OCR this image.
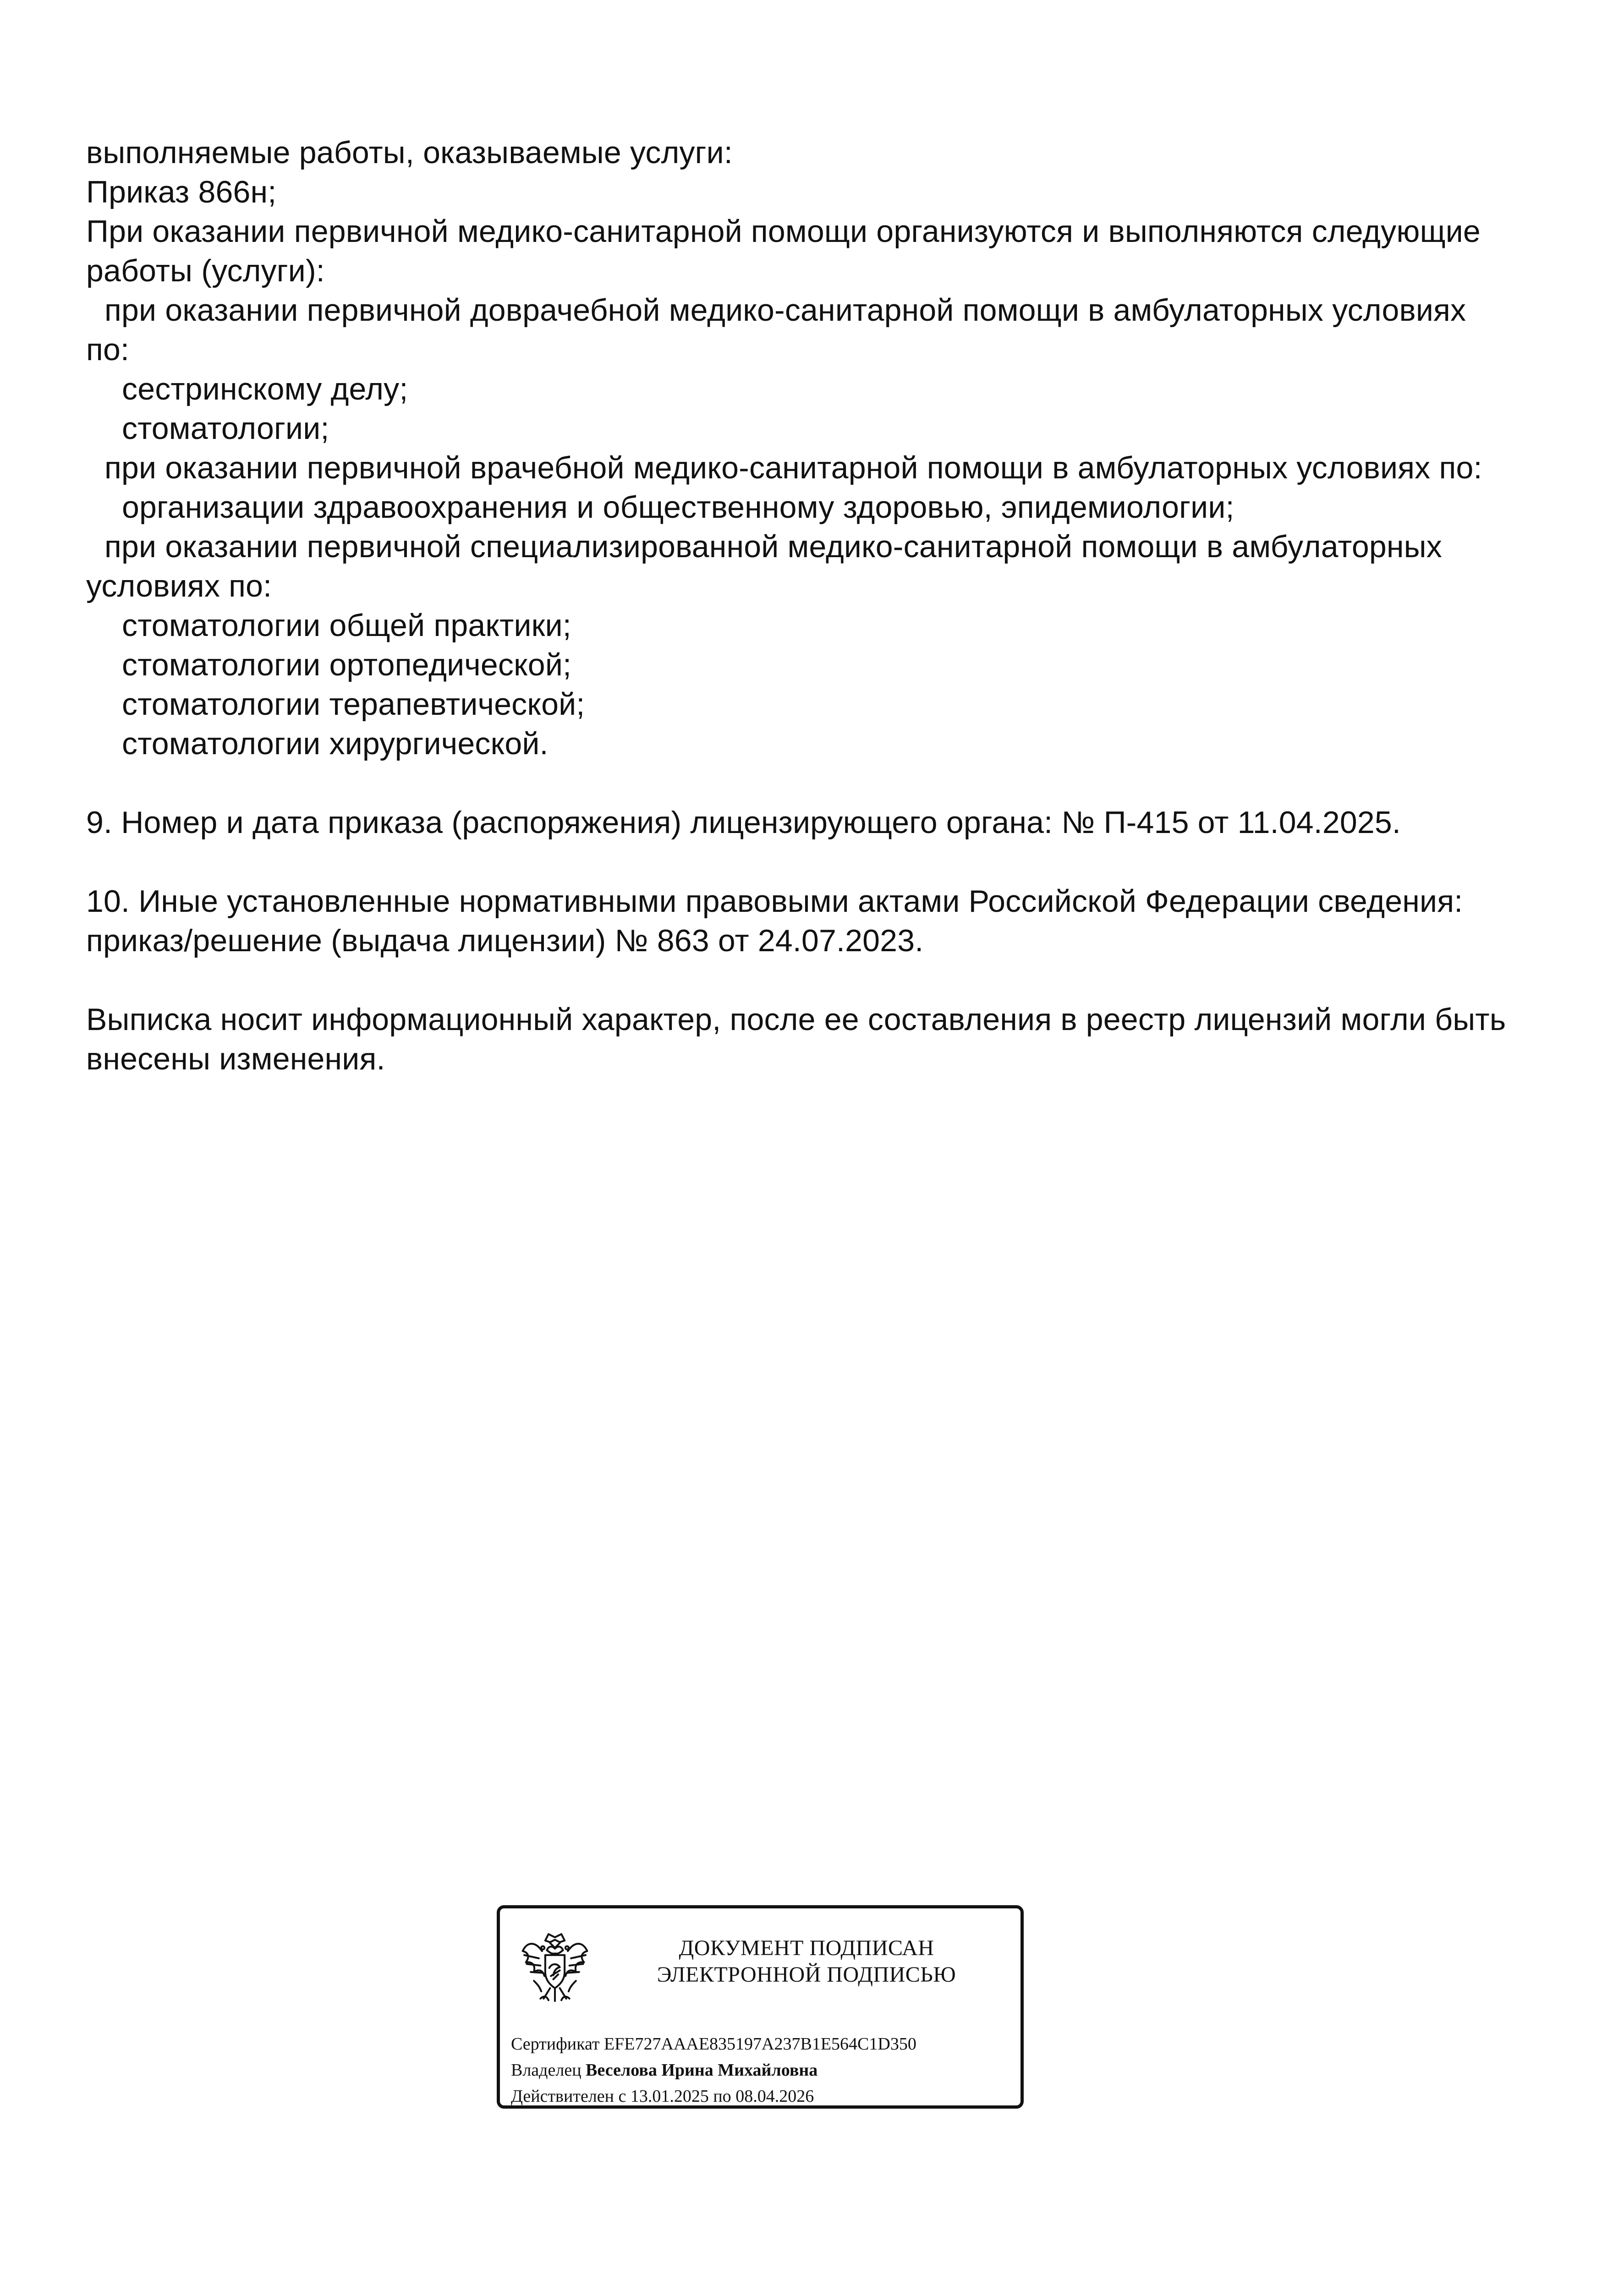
выполняемые работы, оказываемые услуги:
Приказ 866н;
При оказании первичной медико-санитарной помощи организуются и выполняются следующие
работы (услуги):
при оказании первичной доврачебной медико-санитарной помощи в амбулаторных условиях
по:
сестринскому делу;
стоматологии;
при оказании первичной врачебной медико-санитарной помощи в амбулаторных условиях по:
организации здравоохранения и общественному здоровью, эпидемиологии;
при оказании первичной специализированной медико-санитарной помощи в амбулаторных
условиях по:
стоматологии общей практики;
стоматологии ортопедической;
стоматологии терапевтической;
стоматологии хирургической.
9. Номер и дата приказа (распоряжения) лицензирующего органа: № П-415 от 11.04.2025.
10. Иные установленные нормативными правовыми актами Российской Федерации сведения:
приказ/решение (выдача лицензии) № 863 от 24.07.2023.
Выписка носит информационный характер, после ее составления в реестр лицензий могли быть
внесены изменения.
ДОКУМЕНТ ПОДПИСАН
ЭЛЕКТРОННОЙ ПОДПИСЬЮ
Сертификат EFE727AAAE835197A237B1E564C1D350
Владелец Веселова Ирина Михайловна
Действителен с 13.01.2025 по 08.04.2026
